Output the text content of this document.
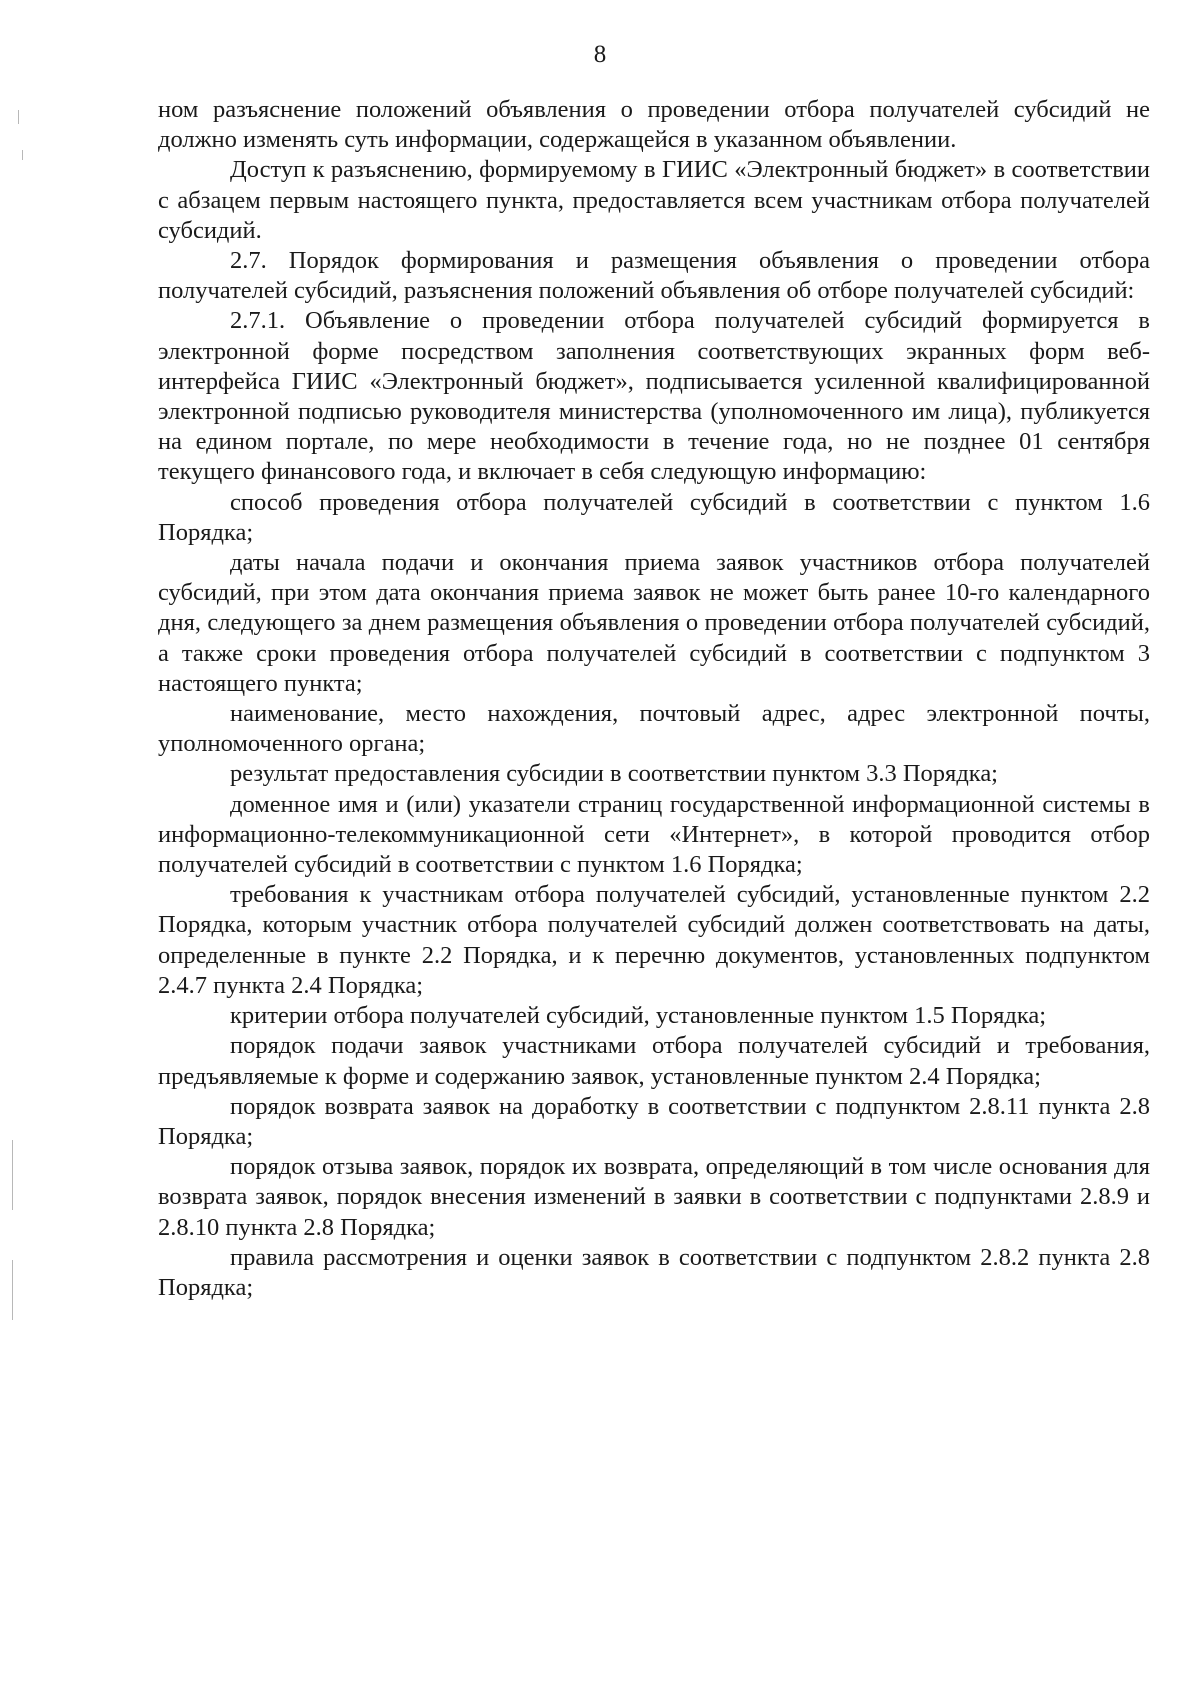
8

ном разъяснение положений объявления о проведении отбора получателей субсидий не должно изменять суть информации, содержащейся в указанном объявлении.

Доступ к разъяснению, формируемому в ГИИС «Электронный бюджет» в соответствии с абзацем первым настоящего пункта, предоставляется всем участникам отбора получателей субсидий.

2.7. Порядок формирования и размещения объявления о проведении отбора получателей субсидий, разъяснения положений объявления об отборе получателей субсидий:

2.7.1. Объявление о проведении отбора получателей субсидий формируется в электронной форме посредством заполнения соответствующих экранных форм веб-интерфейса ГИИС «Электронный бюджет», подписывается усиленной квалифицированной электронной подписью руководителя министерства (уполномоченного им лица), публикуется на едином портале, по мере необходимости в течение года, но не позднее 01 сентября текущего финансового года, и включает в себя следующую информацию:

способ проведения отбора получателей субсидий в соответствии с пунктом 1.6 Порядка;

даты начала подачи и окончания приема заявок участников отбора получателей субсидий, при этом дата окончания приема заявок не может быть ранее 10-го календарного дня, следующего за днем размещения объявления о проведении отбора получателей субсидий, а также сроки проведения отбора получателей субсидий в соответствии с подпунктом 3 настоящего пункта;

наименование, место нахождения, почтовый адрес, адрес электронной почты, уполномоченного органа;

результат предоставления субсидии в соответствии пунктом 3.3 Порядка;

доменное имя и (или) указатели страниц государственной информационной системы в информационно-телекоммуникационной сети «Интернет», в которой проводится отбор получателей субсидий в соответствии с пунктом 1.6 Порядка;

требования к участникам отбора получателей субсидий, установленные пунктом 2.2 Порядка, которым участник отбора получателей субсидий должен соответствовать на даты, определенные в пункте 2.2 Порядка, и к перечню документов, установленных подпунктом 2.4.7 пункта 2.4 Порядка;

критерии отбора получателей субсидий, установленные пунктом 1.5 Порядка;

порядок подачи заявок участниками отбора получателей субсидий и требования, предъявляемые к форме и содержанию заявок, установленные пунктом 2.4 Порядка;

порядок возврата заявок на доработку в соответствии с подпунктом 2.8.11 пункта 2.8 Порядка;

порядок отзыва заявок, порядок их возврата, определяющий в том числе основания для возврата заявок, порядок внесения изменений в заявки в соответствии с подпунктами 2.8.9 и 2.8.10 пункта 2.8 Порядка;

правила рассмотрения и оценки заявок в соответствии с подпунктом 2.8.2 пункта 2.8 Порядка;
